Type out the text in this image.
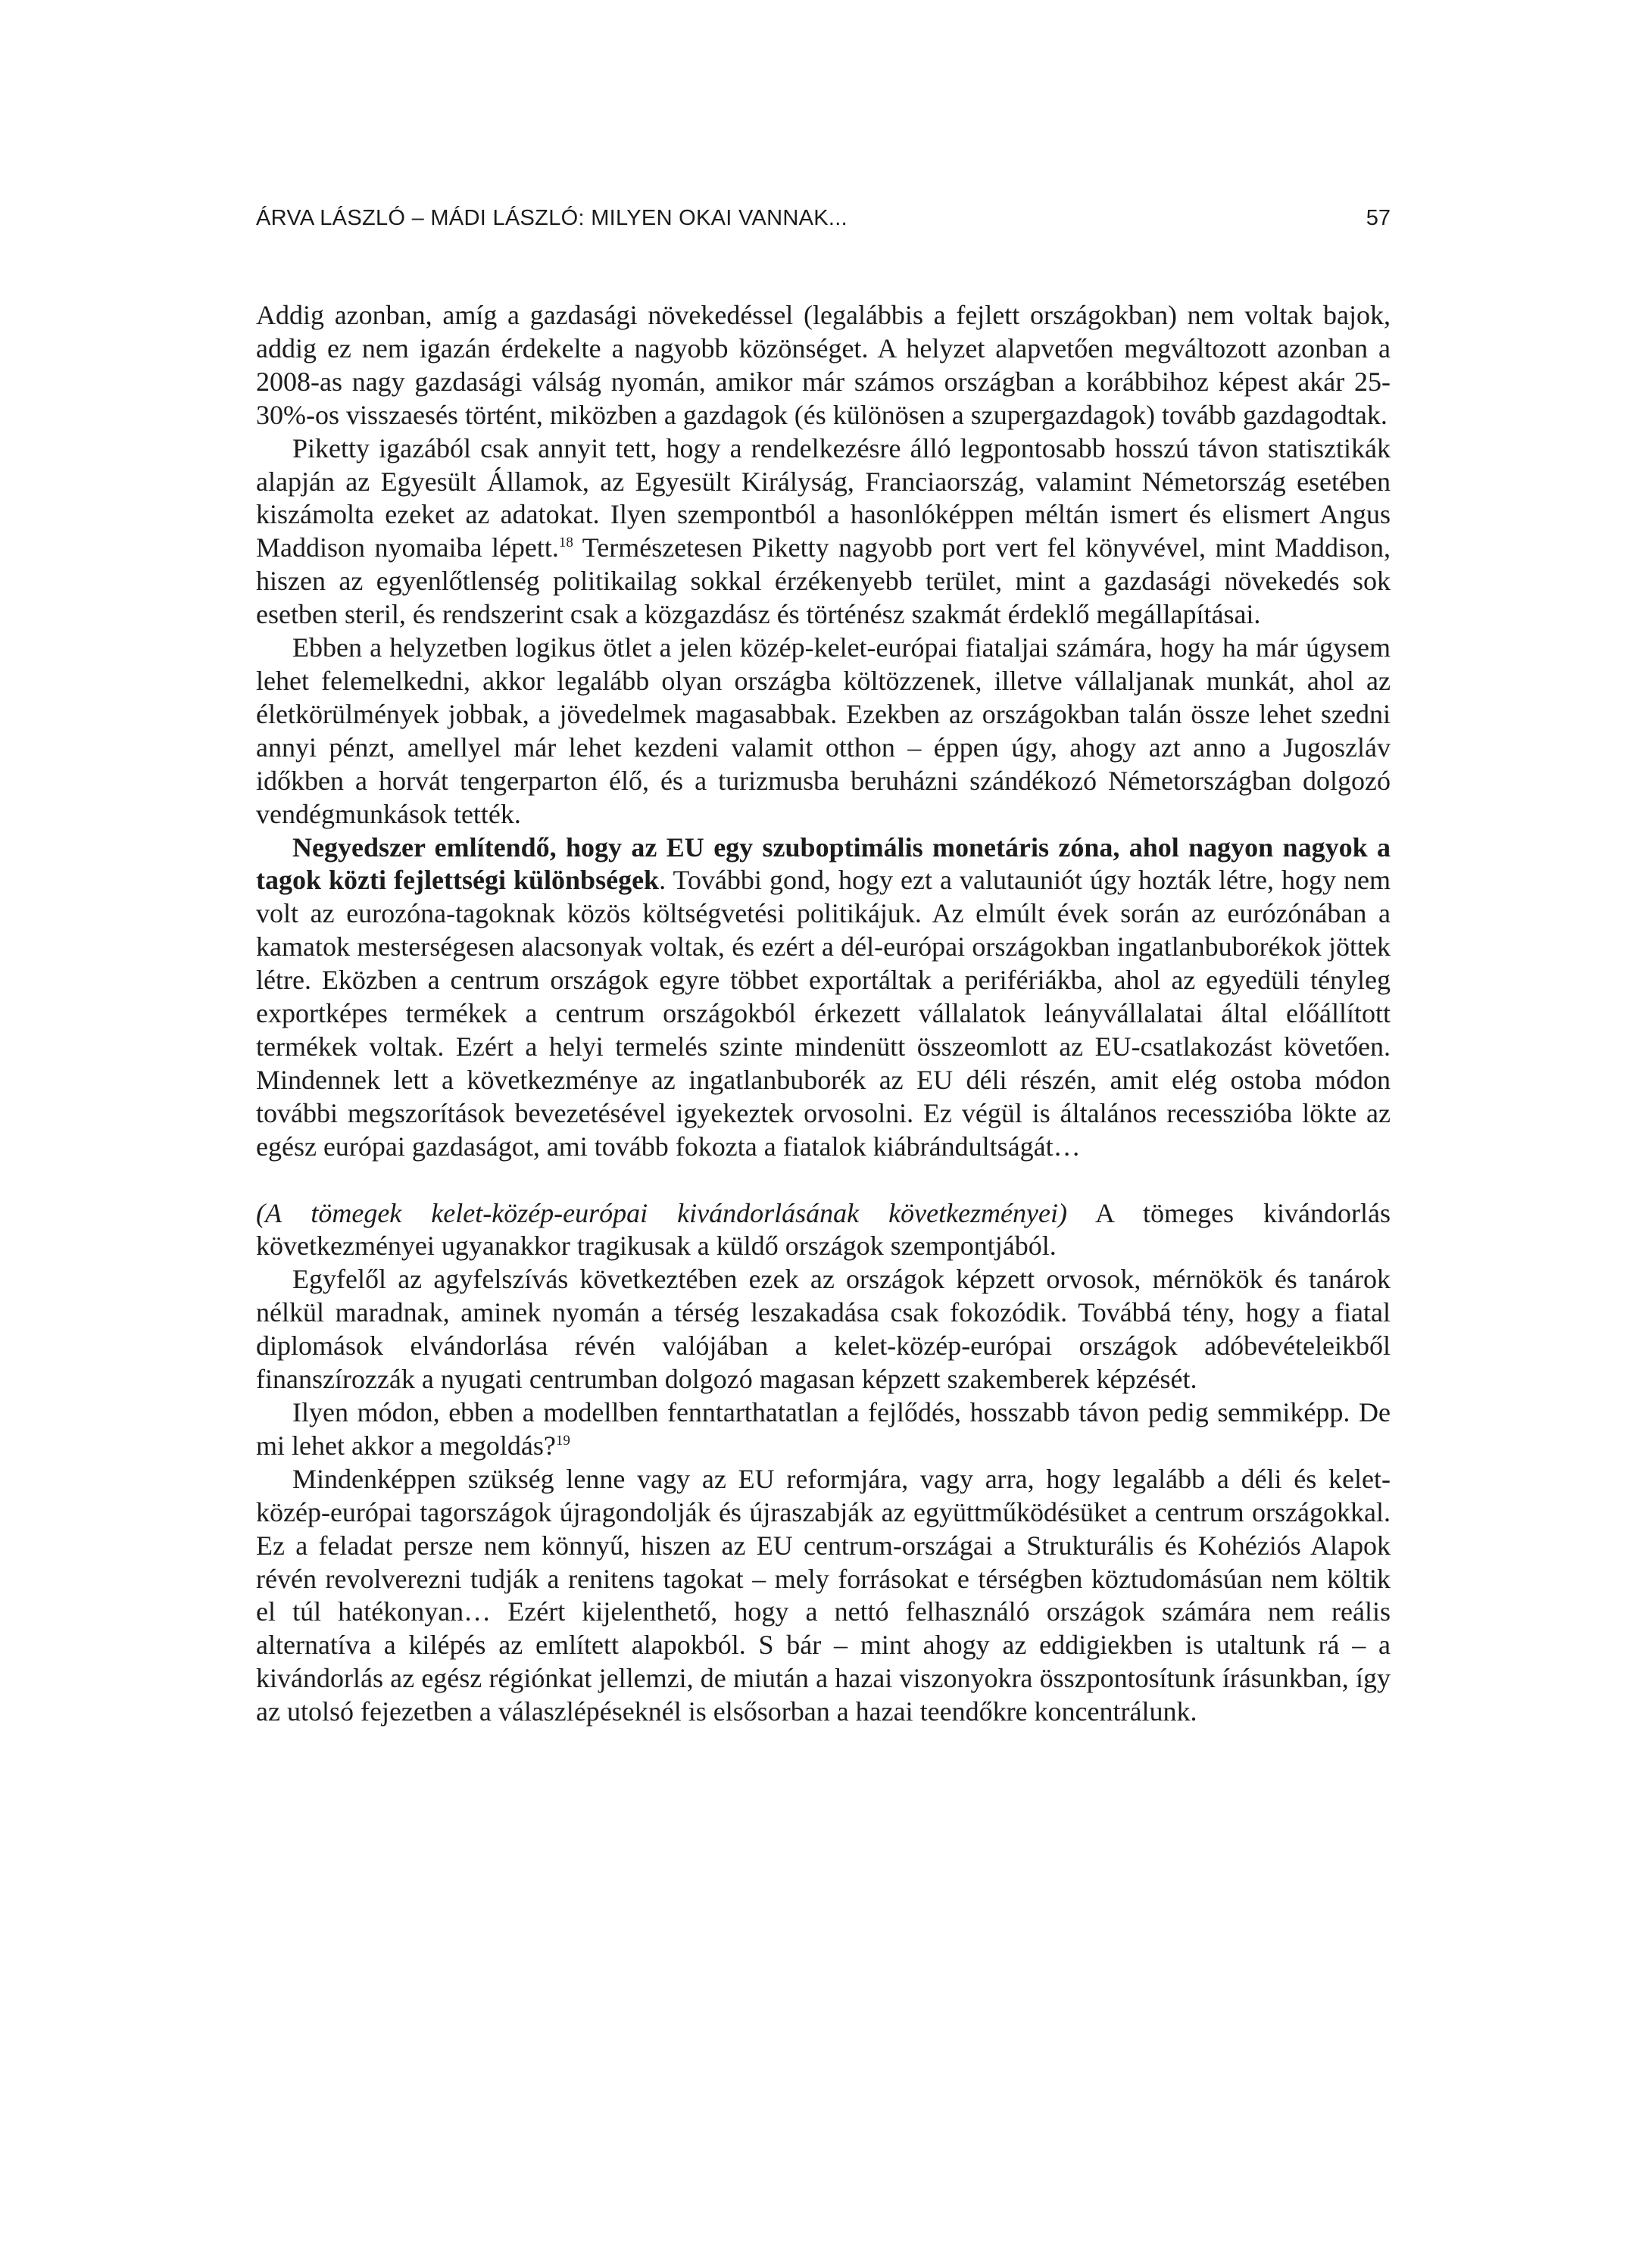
ÁRVA LÁSZLÓ – MÁDI LÁSZLÓ: MILYEN OKAI VANNAK...	57

Addig azonban, amíg a gazdasági növekedéssel (legalábbis a fejlett országokban) nem voltak bajok, addig ez nem igazán érdekelte a nagyobb közönséget. A helyzet alapvetően megváltozott azonban a 2008-as nagy gazdasági válság nyomán, amikor már számos országban a korábbihoz képest akár 25-30%-os visszaesés történt, miközben a gazdagok (és különösen a szupergazdagok) tovább gazdagodtak.

Piketty igazából csak annyit tett, hogy a rendelkezésre álló legpontosabb hosszú távon statisztikák alapján az Egyesült Államok, az Egyesült Királyság, Franciaország, valamint Németország esetében kiszámolta ezeket az adatokat. Ilyen szempontból a hasonlóképpen méltán ismert és elismert Angus Maddison nyomaiba lépett.$^{18}$ Természetesen Piketty nagyobb port vert fel könyvével, mint Maddison, hiszen az egyenlőtlenség politikailag sokkal érzékenyebb terület, mint a gazdasági növekedés sok esetben steril, és rendszerint csak a közgazdász és történész szakmát érdeklő megállapításai.

Ebben a helyzetben logikus ötlet a jelen közép-kelet-európai fiataljai számára, hogy ha már úgysem lehet felemelkedni, akkor legalább olyan országba költözzenek, illetve vállaljanak munkát, ahol az életkörülmények jobbak, a jövedelmek magasabbak. Ezekben az országokban talán össze lehet szedni annyi pénzt, amellyel már lehet kezdeni valamit otthon – éppen úgy, ahogy azt anno a Jugoszláv időkben a horvát tengerparton élő, és a turizmusba beruházni szándékozó Németországban dolgozó vendégmunkások tették.

Negyedszer említendő, hogy az EU egy szuboptimális monetáris zóna, ahol nagyon nagyok a tagok közti fejlettségi különbségek. További gond, hogy ezt a valutauniót úgy hozták létre, hogy nem volt az eurozóna-tagoknak közös költségvetési politikájuk. Az elmúlt évek során az eurózónában a kamatok mesterségesen alacsonyak voltak, és ezért a dél-európai országokban ingatlanbuborékok jöttek létre. Eközben a centrum országok egyre többet exportáltak a perifériákba, ahol az egyedüli tényleg exportképes termékek a centrum országokból érkezett vállalatok leányvállalatai által előállított termékek voltak. Ezért a helyi termelés szinte mindenütt összeomlott az EU-csatlakozást követően. Mindennek lett a következménye az ingatlanbuborék az EU déli részén, amit elég ostoba módon további megszorítások bevezetésével igyekeztek orvosolni. Ez végül is általános recesszióba lökte az egész európai gazdaságot, ami tovább fokozta a fiatalok kiábrándultságát…

(A tömegek kelet-közép-európai kivándorlásának következményei) A tömeges kivándorlás következményei ugyanakkor tragikusak a küldő országok szempontjából.

Egyfelől az agyfelszívás következtében ezek az országok képzett orvosok, mérnökök és tanárok nélkül maradnak, aminek nyomán a térség leszakadása csak fokozódik. Továbbá tény, hogy a fiatal diplomások elvándorlása révén valójában a kelet-közép-európai országok adóbevételeikből finanszírozzák a nyugati centrumban dolgozó magasan képzett szakemberek képzését.

Ilyen módon, ebben a modellben fenntarthatatlan a fejlődés, hosszabb távon pedig semmiképp. De mi lehet akkor a megoldás?$^{19}$

Mindenképpen szükség lenne vagy az EU reformjára, vagy arra, hogy legalább a déli és kelet-közép-európai tagországok újragondolják és újraszabják az együttműködésüket a centrum országokkal. Ez a feladat persze nem könnyű, hiszen az EU centrum-országai a Strukturális és Kohéziós Alapok révén revolverezni tudják a renitens tagokat – mely forrásokat e térségben köztudomásúan nem költik el túl hatékonyan… Ezért kijelenthető, hogy a nettó felhasználó országok számára nem reális alternatíva a kilépés az említett alapokból. S bár – mint ahogy az eddigiekben is utaltunk rá – a kivándorlás az egész régiónkat jellemzi, de miután a hazai viszonyokra összpontosítunk írásunkban, így az utolsó fejezetben a válaszlépéseknél is elsősorban a hazai teendőkre koncentrálunk.
